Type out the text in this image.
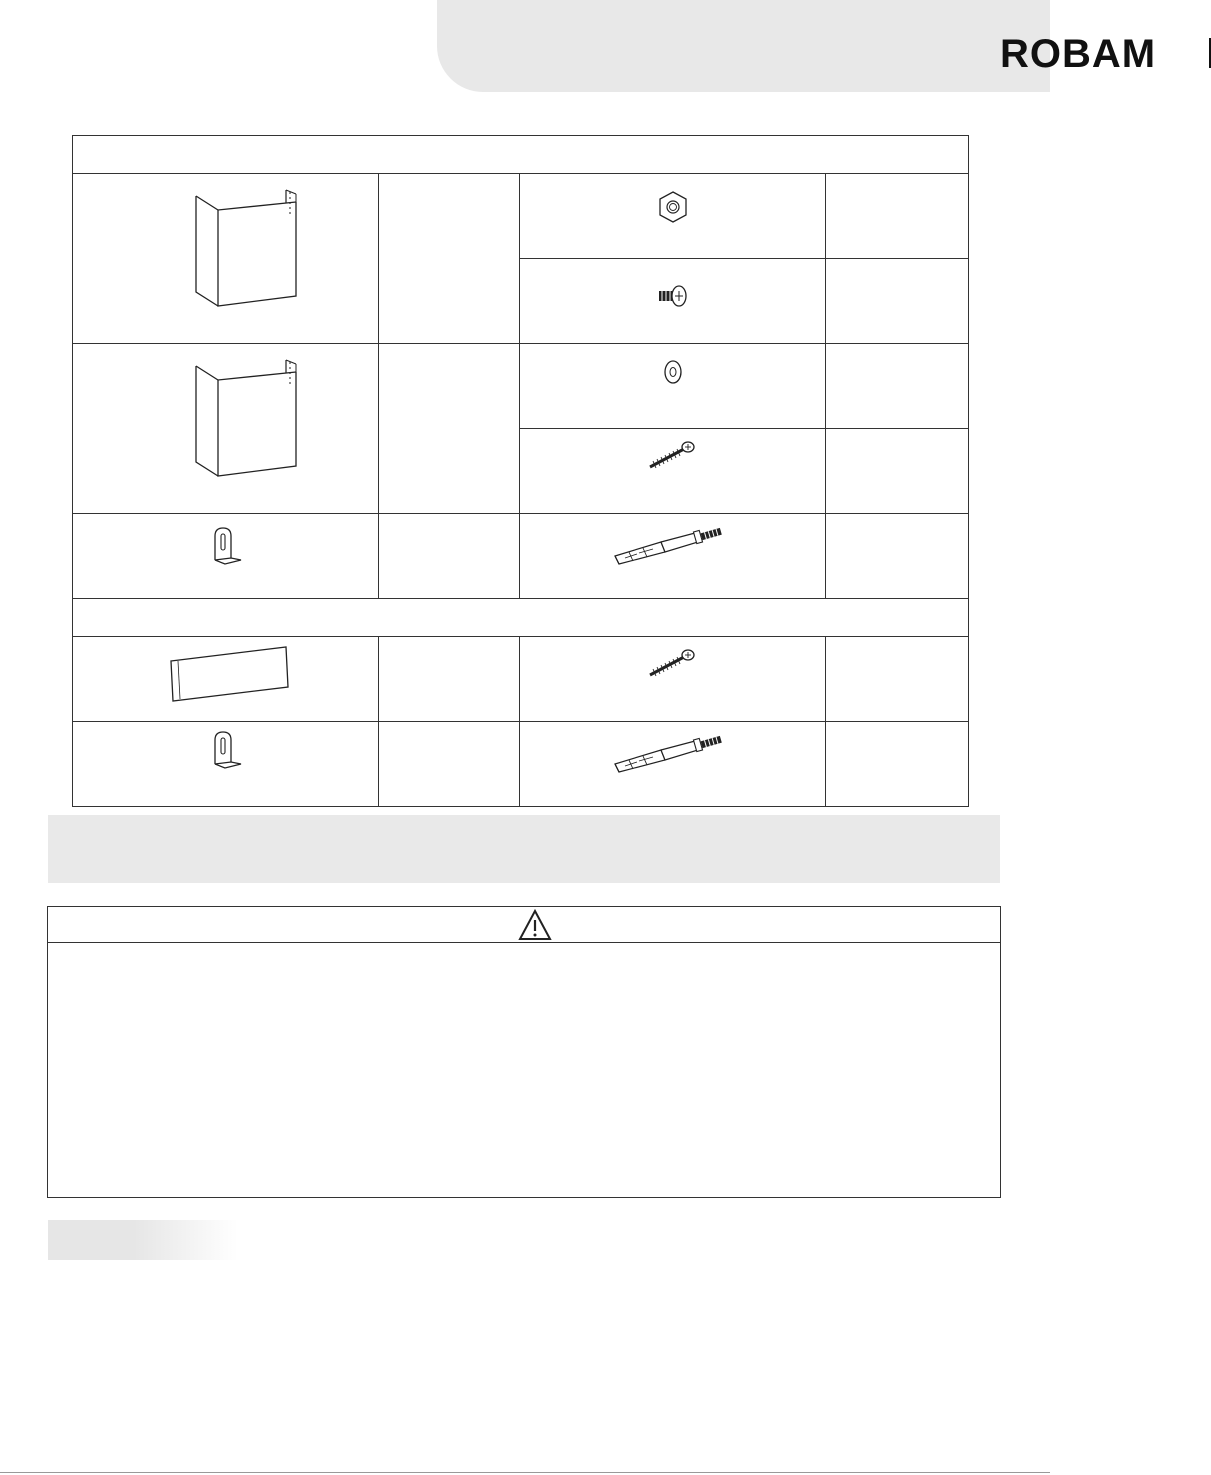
ROBAM
